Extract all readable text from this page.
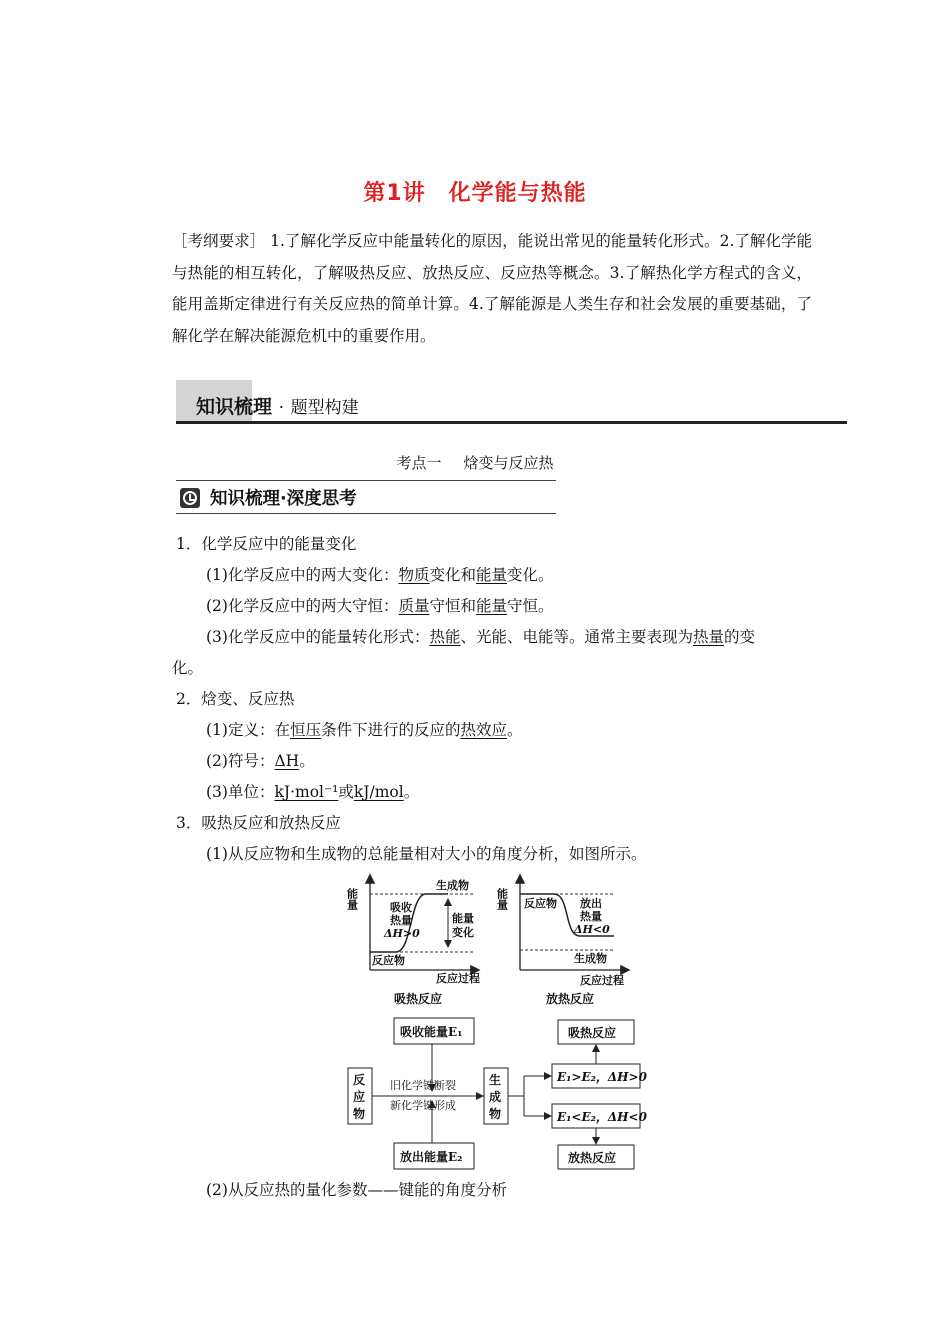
第1讲　化学能与热能
［考纲要求］ 1.了解化学反应中能量转化的原因，能说出常见的能量转化形式。2.了解化学能与热能的相互转化，了解吸热反应、放热反应、反应热等概念。3.了解热化学方程式的含义，能用盖斯定律进行有关反应热的简单计算。4.了解能源是人类生存和社会发展的重要基础，了解化学在解决能源危机中的重要作用。
知识梳理 · 题型构建
考点一 焓变与反应热
知识梳理·深度思考
1．化学反应中的能量变化
(1)化学反应中的两大变化：物质变化和能量变化。
(2)化学反应中的两大守恒：质量守恒和能量守恒。
(3)化学反应中的能量转化形式：热能、光能、电能等。通常主要表现为热量的变
化。
2．焓变、反应热
(1)定义：在恒压条件下进行的反应的热效应。
(2)符号：ΔH。
(3)单位：kJ·mol⁻¹或kJ/mol。
3．吸热反应和放热反应
(1)从反应物和生成物的总能量相对大小的角度分析，如图所示。
能量
生成物
吸收
热量
ΔH>0
能量
变化
反应物
反应过程
吸热反应
能量 反应物 放出
热量
ΔH<0
生成物
反应过程
放热反应
吸收能量E₁
放出能量E₂
反
应
物
生
成
物
旧化学键断裂
新化学键形成
E₁>E₂，ΔH>0
E₁<E₂，ΔH<0
吸热反应
放热反应
(2)从反应热的量化参数——键能的角度分析
